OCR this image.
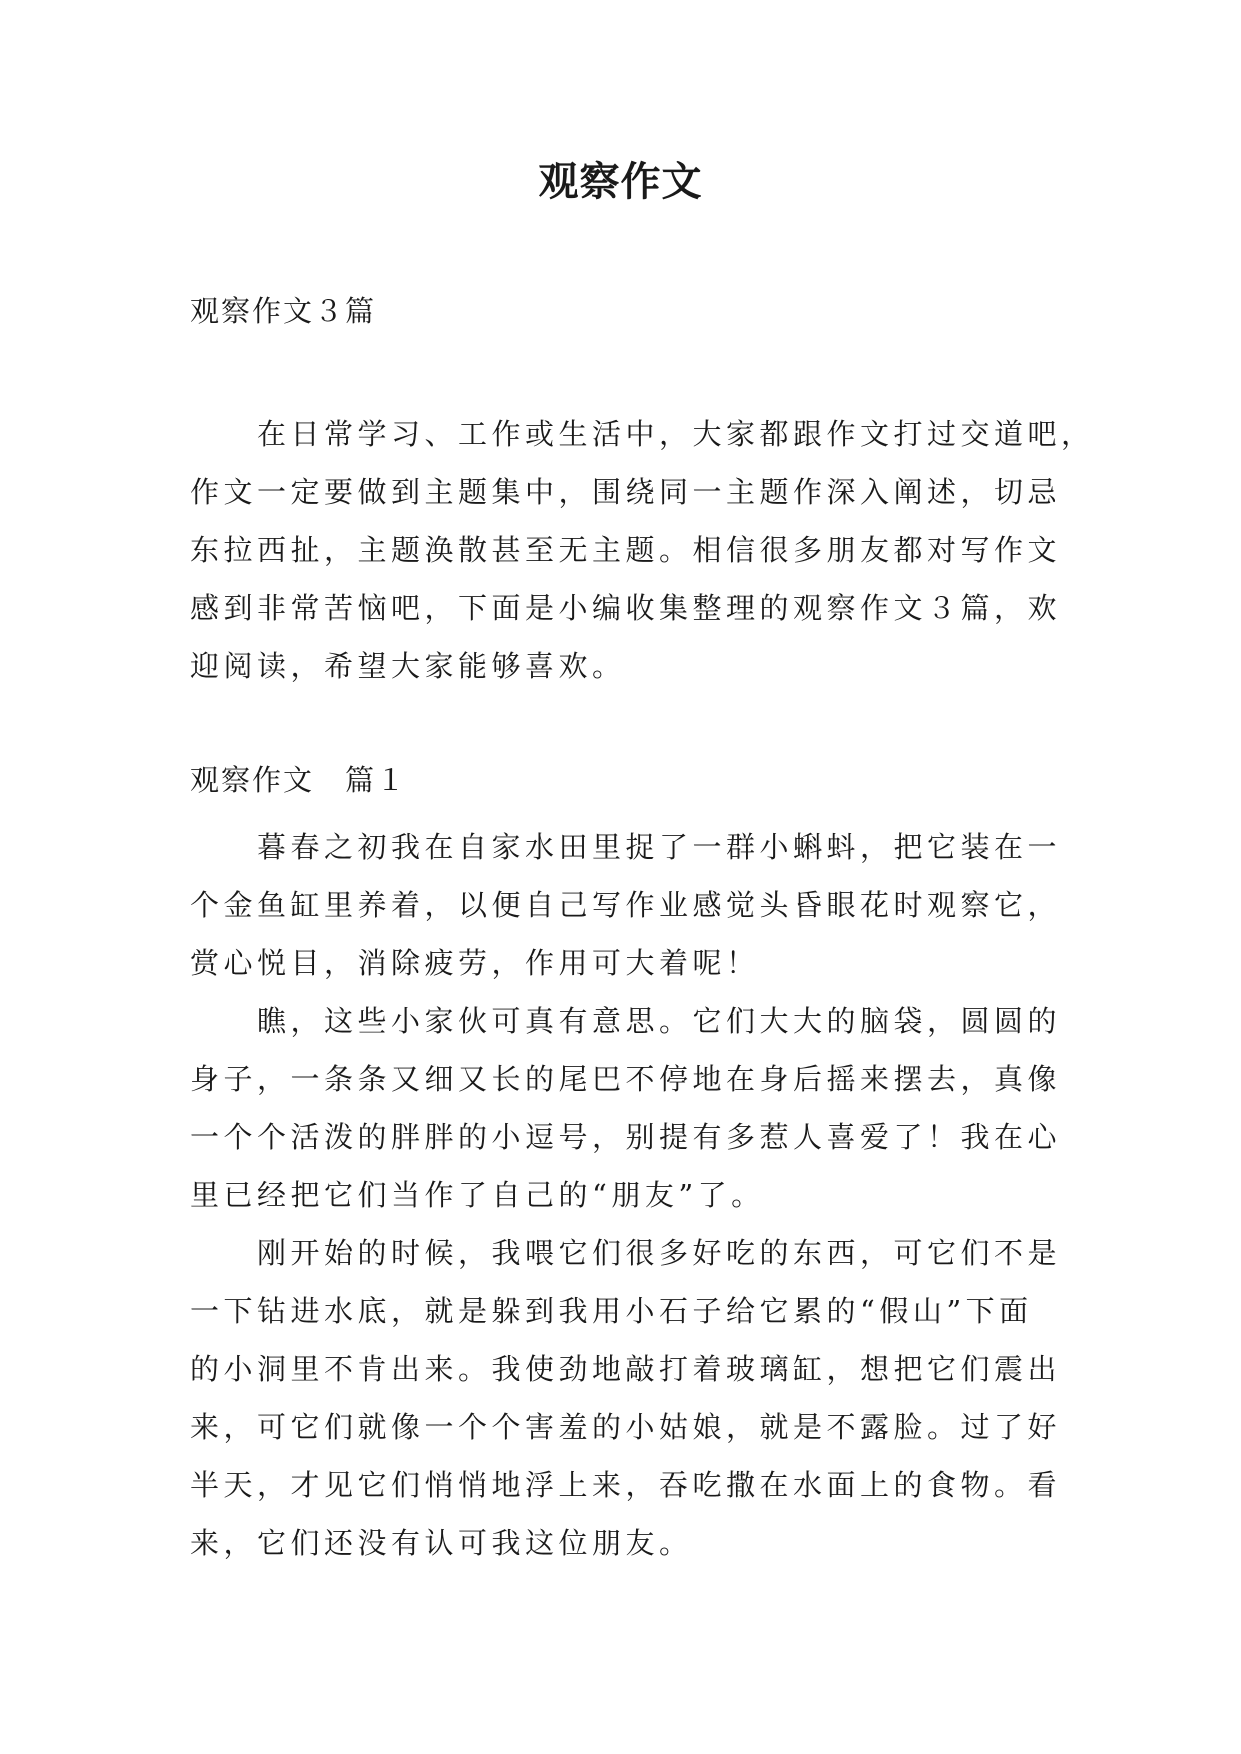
观察作文
观察作文３篇
　　在日常学习、工作或生活中，大家都跟作文打过交道吧，
作文一定要做到主题集中，围绕同一主题作深入阐述，切忌
东拉西扯，主题涣散甚至无主题。相信很多朋友都对写作文
感到非常苦恼吧，下面是小编收集整理的观察作文３篇，欢
迎阅读，希望大家能够喜欢。
观察作文　篇１
　　暮春之初我在自家水田里捉了一群小蝌蚪，把它装在一
个金鱼缸里养着，以便自己写作业感觉头昏眼花时观察它，
赏心悦目，消除疲劳，作用可大着呢！
　　瞧，这些小家伙可真有意思。它们大大的脑袋，圆圆的
身子，一条条又细又长的尾巴不停地在身后摇来摆去，真像
一个个活泼的胖胖的小逗号，别提有多惹人喜爱了！我在心
里已经把它们当作了自己的“朋友”了。
　　刚开始的时候，我喂它们很多好吃的东西，可它们不是
一下钻进水底，就是躲到我用小石子给它累的“假山”下面
的小洞里不肯出来。我使劲地敲打着玻璃缸，想把它们震出
来，可它们就像一个个害羞的小姑娘，就是不露脸。过了好
半天，才见它们悄悄地浮上来，吞吃撒在水面上的食物。看
来，它们还没有认可我这位朋友。
